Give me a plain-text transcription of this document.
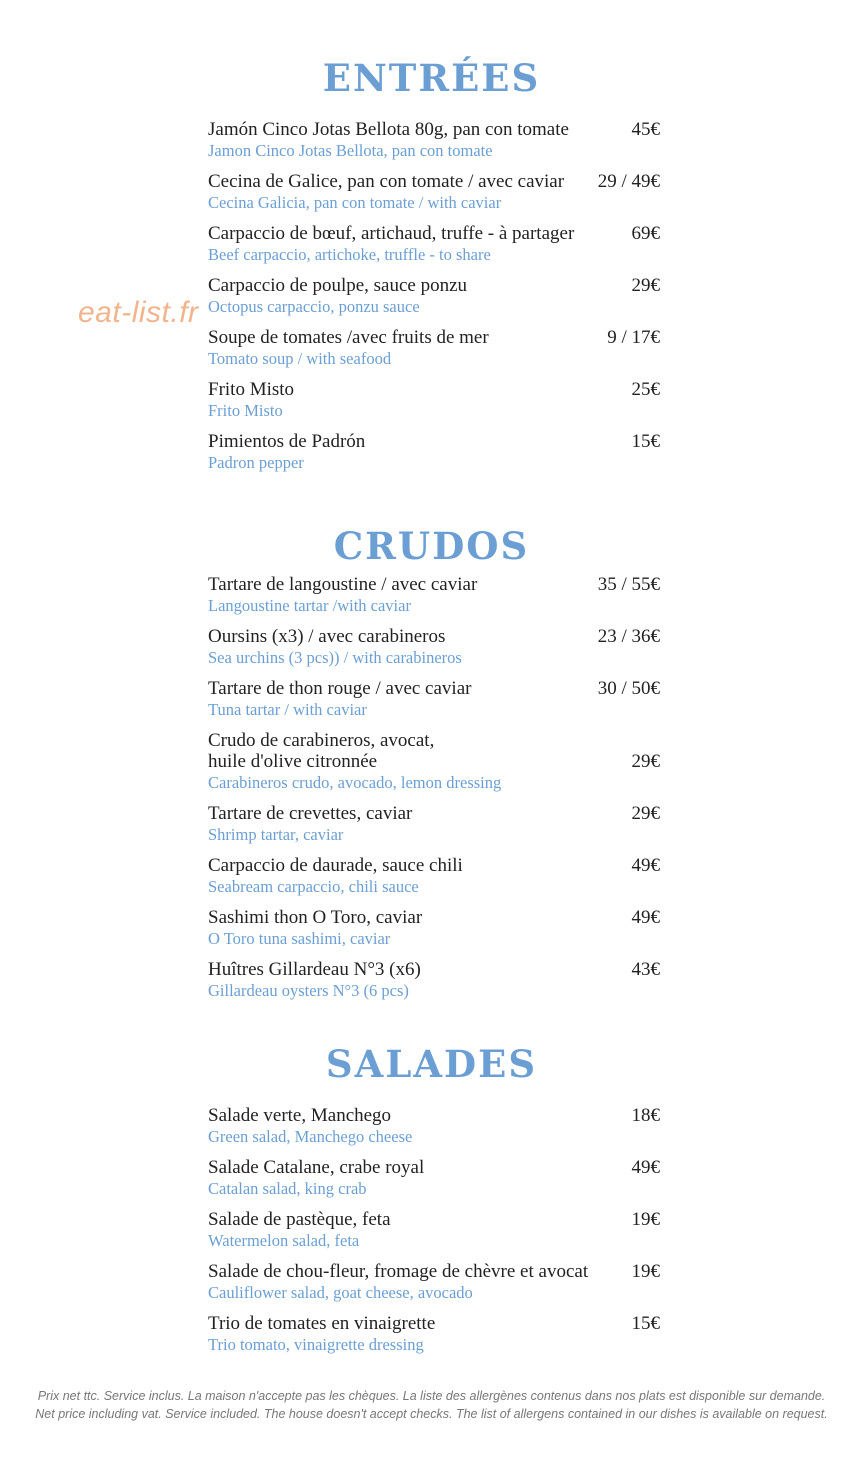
eat-list.fr
ENTRÉES
45€
Jamón Cinco Jotas Bellota 80g, pan con tomate
Jamon Cinco Jotas Bellota, pan con tomate
29 / 49€
Cecina de Galice, pan con tomate / avec caviar
Cecina Galicia, pan con tomate / with caviar
69€
Carpaccio de bœuf, artichaud, truffe - à partager
Beef carpaccio, artichoke, truffle - to share
29€
Carpaccio de poulpe, sauce ponzu
Octopus carpaccio, ponzu sauce
9 / 17€
Soupe de tomates /avec fruits de mer
Tomato soup / with seafood
25€
Frito Misto
Frito Misto
15€
Pimientos de Padrón
Padron pepper
CRUDOS
35 / 55€
Tartare de langoustine / avec caviar
Langoustine tartar /with caviar
23 / 36€
Oursins (x3) / avec carabineros
Sea urchins (3 pcs)) / with carabineros
30 / 50€
Tartare de thon rouge / avec caviar
Tuna tartar / with caviar
29€
Crudo de carabineros, avocat,
huile d'olive citronnée
Carabineros crudo, avocado, lemon dressing
29€
Tartare de crevettes, caviar
Shrimp tartar, caviar
49€
Carpaccio de daurade, sauce chili
Seabream carpaccio, chili sauce
49€
Sashimi thon O Toro, caviar
O Toro tuna sashimi, caviar
43€
Huîtres Gillardeau N°3 (x6)
Gillardeau oysters N°3 (6 pcs)
SALADES
18€
Salade verte, Manchego
Green salad, Manchego cheese
49€
Salade Catalane, crabe royal
Catalan salad, king crab
19€
Salade de pastèque, feta
Watermelon salad, feta
19€
Salade de chou-fleur, fromage de chèvre et avocat
Cauliflower salad, goat cheese, avocado
15€
Trio de tomates en vinaigrette
Trio tomato, vinaigrette dressing
Prix net ttc. Service inclus. La maison n'accepte pas les chèques. La liste des allergènes contenus dans nos plats est disponible sur demande.
Net price including vat. Service included. The house doesn't accept checks. The list of allergens contained in our dishes is available on request.
